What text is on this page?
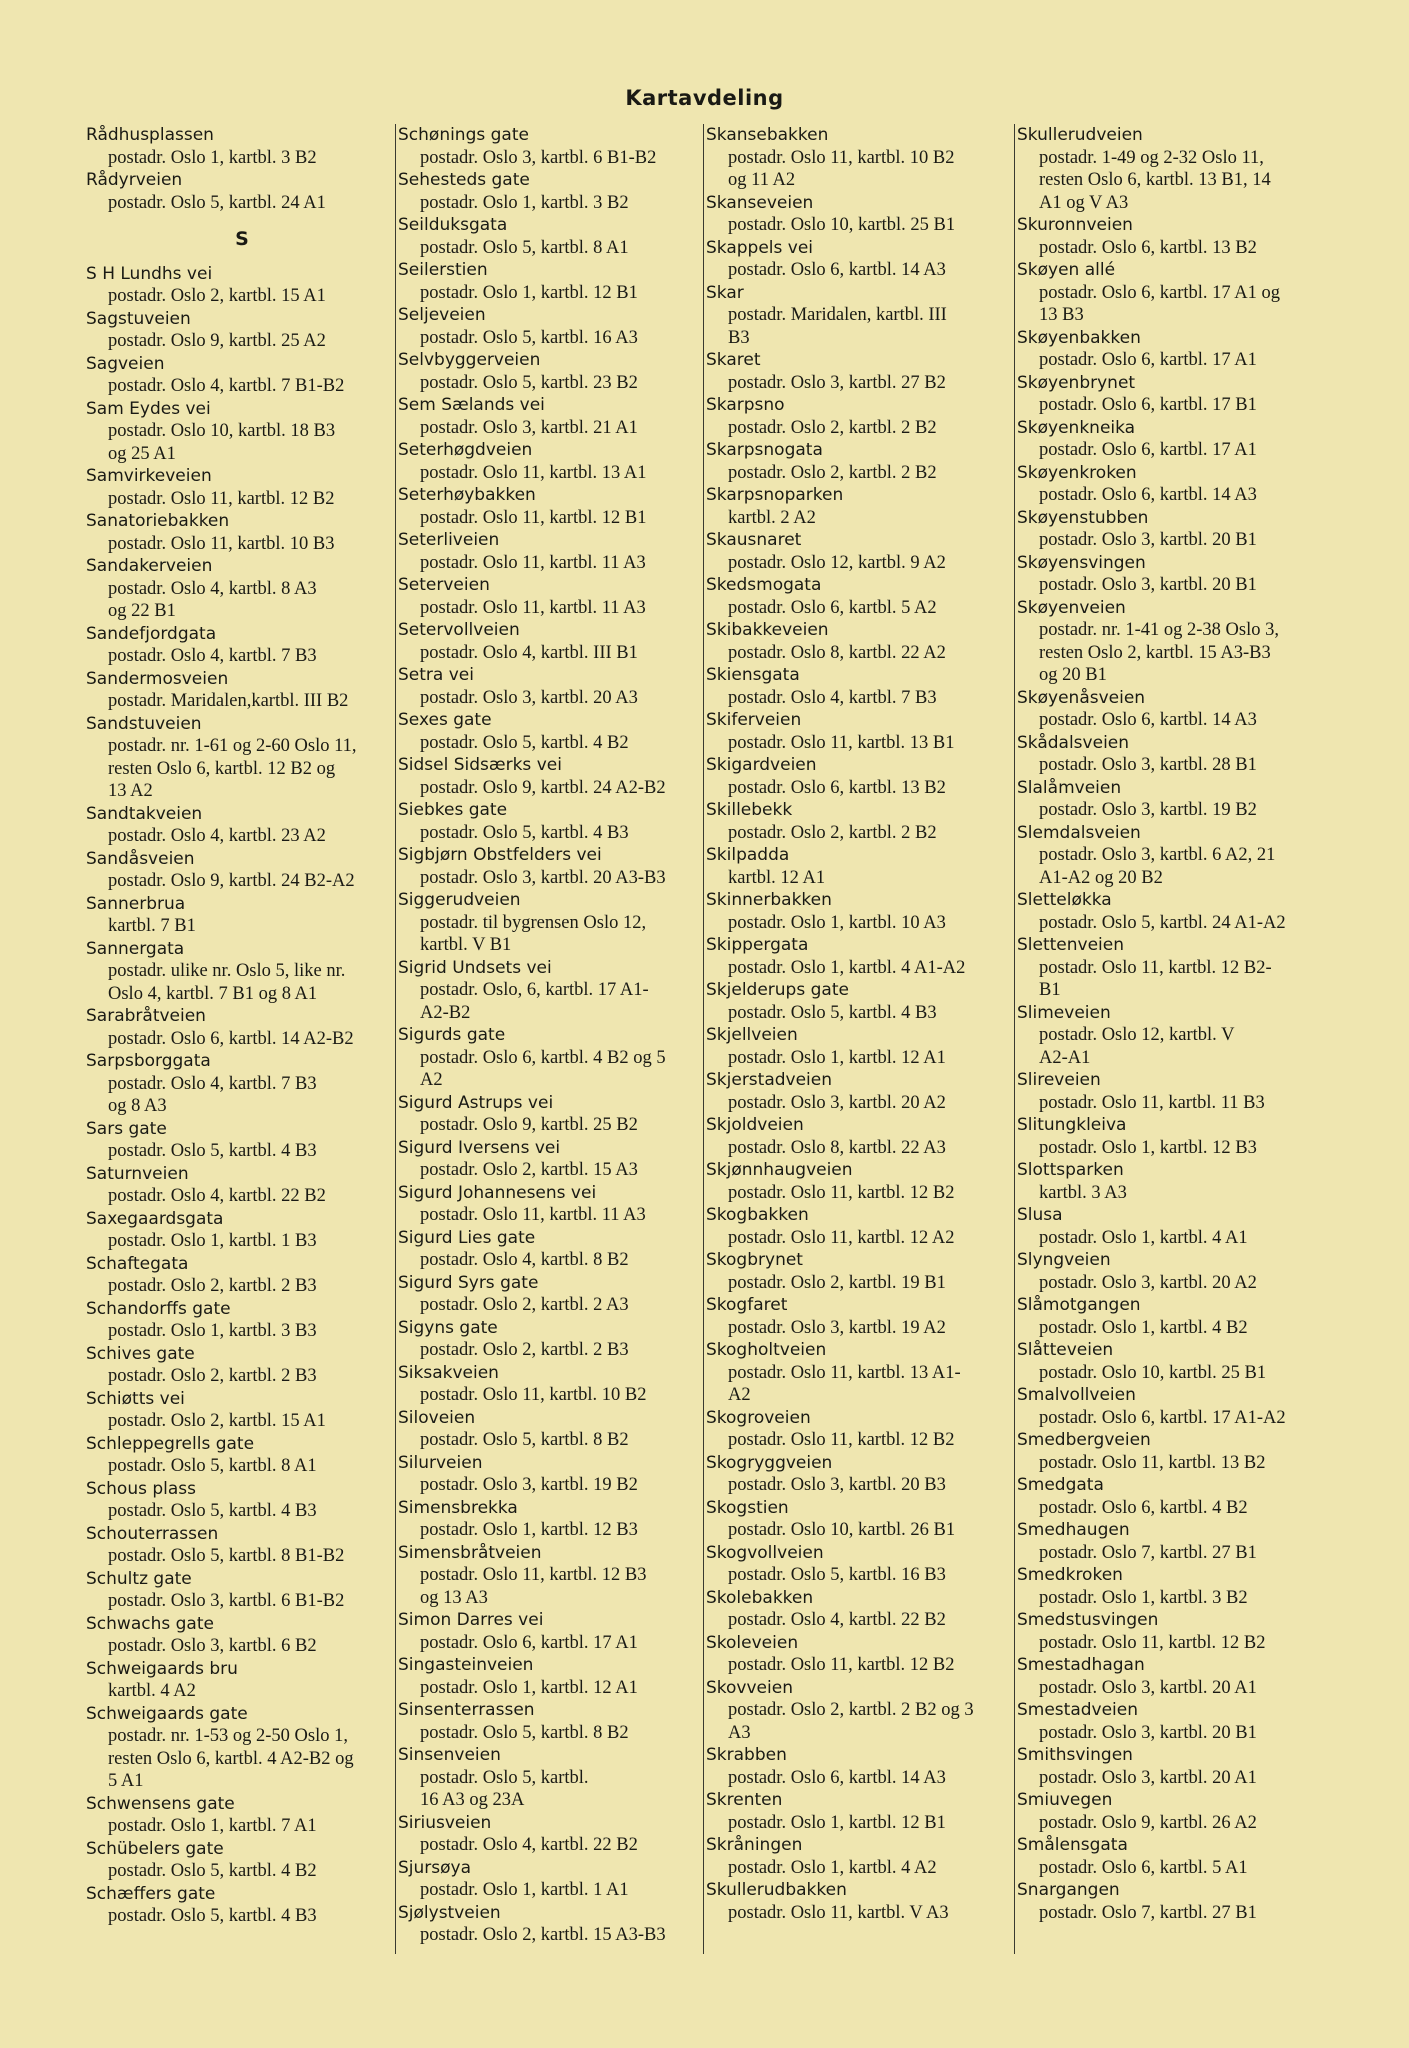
Kartavdeling
Rådhusplassen
postadr. Oslo 1, kartbl. 3 B2
Rådyrveien
postadr. Oslo 5, kartbl. 24 A1
S
S H Lundhs vei
postadr. Oslo 2, kartbl. 15 A1
Sagstuveien
postadr. Oslo 9, kartbl. 25 A2
Sagveien
postadr. Oslo 4, kartbl. 7 B1-B2
Sam Eydes vei
postadr. Oslo 10, kartbl. 18 B3
og 25 A1
Samvirkeveien
postadr. Oslo 11, kartbl. 12 B2
Sanatoriebakken
postadr. Oslo 11, kartbl. 10 B3
Sandakerveien
postadr. Oslo 4, kartbl. 8 A3
og 22 B1
Sandefjordgata
postadr. Oslo 4, kartbl. 7 B3
Sandermosveien
postadr. Maridalen,kartbl. III B2
Sandstuveien
postadr. nr. 1-61 og 2-60 Oslo 11,
resten Oslo 6, kartbl. 12 B2 og
13 A2
Sandtakveien
postadr. Oslo 4, kartbl. 23 A2
Sandåsveien
postadr. Oslo 9, kartbl. 24 B2-A2
Sannerbrua
kartbl. 7 B1
Sannergata
postadr. ulike nr. Oslo 5, like nr.
Oslo 4, kartbl. 7 B1 og 8 A1
Sarabråtveien
postadr. Oslo 6, kartbl. 14 A2-B2
Sarpsborggata
postadr. Oslo 4, kartbl. 7 B3
og 8 A3
Sars gate
postadr. Oslo 5, kartbl. 4 B3
Saturnveien
postadr. Oslo 4, kartbl. 22 B2
Saxegaardsgata
postadr. Oslo 1, kartbl. 1 B3
Schaftegata
postadr. Oslo 2, kartbl. 2 B3
Schandorffs gate
postadr. Oslo 1, kartbl. 3 B3
Schives gate
postadr. Oslo 2, kartbl. 2 B3
Schiøtts vei
postadr. Oslo 2, kartbl. 15 A1
Schleppegrells gate
postadr. Oslo 5, kartbl. 8 A1
Schous plass
postadr. Oslo 5, kartbl. 4 B3
Schouterrassen
postadr. Oslo 5, kartbl. 8 B1-B2
Schultz gate
postadr. Oslo 3, kartbl. 6 B1-B2
Schwachs gate
postadr. Oslo 3, kartbl. 6 B2
Schweigaards bru
kartbl. 4 A2
Schweigaards gate
postadr. nr. 1-53 og 2-50 Oslo 1,
resten Oslo 6, kartbl. 4 A2-B2 og
5 A1
Schwensens gate
postadr. Oslo 1, kartbl. 7 A1
Schübelers gate
postadr. Oslo 5, kartbl. 4 B2
Schæffers gate
postadr. Oslo 5, kartbl. 4 B3
Schønings gate
postadr. Oslo 3, kartbl. 6 B1-B2
Sehesteds gate
postadr. Oslo 1, kartbl. 3 B2
Seilduksgata
postadr. Oslo 5, kartbl. 8 A1
Seilerstien
postadr. Oslo 1, kartbl. 12 B1
Seljeveien
postadr. Oslo 5, kartbl. 16 A3
Selvbyggerveien
postadr. Oslo 5, kartbl. 23 B2
Sem Sælands vei
postadr. Oslo 3, kartbl. 21 A1
Seterhøgdveien
postadr. Oslo 11, kartbl. 13 A1
Seterhøybakken
postadr. Oslo 11, kartbl. 12 B1
Seterliveien
postadr. Oslo 11, kartbl. 11 A3
Seterveien
postadr. Oslo 11, kartbl. 11 A3
Setervollveien
postadr. Oslo 4, kartbl. III B1
Setra vei
postadr. Oslo 3, kartbl. 20 A3
Sexes gate
postadr. Oslo 5, kartbl. 4 B2
Sidsel Sidsærks vei
postadr. Oslo 9, kartbl. 24 A2-B2
Siebkes gate
postadr. Oslo 5, kartbl. 4 B3
Sigbjørn Obstfelders vei
postadr. Oslo 3, kartbl. 20 A3-B3
Siggerudveien
postadr. til bygrensen Oslo 12,
kartbl. V B1
Sigrid Undsets vei
postadr. Oslo, 6, kartbl. 17 A1-
A2-B2
Sigurds gate
postadr. Oslo 6, kartbl. 4 B2 og 5
A2
Sigurd Astrups vei
postadr. Oslo 9, kartbl. 25 B2
Sigurd Iversens vei
postadr. Oslo 2, kartbl. 15 A3
Sigurd Johannesens vei
postadr. Oslo 11, kartbl. 11 A3
Sigurd Lies gate
postadr. Oslo 4, kartbl. 8 B2
Sigurd Syrs gate
postadr. Oslo 2, kartbl. 2 A3
Sigyns gate
postadr. Oslo 2, kartbl. 2 B3
Siksakveien
postadr. Oslo 11, kartbl. 10 B2
Siloveien
postadr. Oslo 5, kartbl. 8 B2
Silurveien
postadr. Oslo 3, kartbl. 19 B2
Simensbrekka
postadr. Oslo 1, kartbl. 12 B3
Simensbråtveien
postadr. Oslo 11, kartbl. 12 B3
og 13 A3
Simon Darres vei
postadr. Oslo 6, kartbl. 17 A1
Singasteinveien
postadr. Oslo 1, kartbl. 12 A1
Sinsenterrassen
postadr. Oslo 5, kartbl. 8 B2
Sinsenveien
postadr. Oslo 5, kartbl.
16 A3 og 23A
Siriusveien
postadr. Oslo 4, kartbl. 22 B2
Sjursøya
postadr. Oslo 1, kartbl. 1 A1
Sjølystveien
postadr. Oslo 2, kartbl. 15 A3-B3
Skansebakken
postadr. Oslo 11, kartbl. 10 B2
og 11 A2
Skanseveien
postadr. Oslo 10, kartbl. 25 B1
Skappels vei
postadr. Oslo 6, kartbl. 14 A3
Skar
postadr. Maridalen, kartbl. III
B3
Skaret
postadr. Oslo 3, kartbl. 27 B2
Skarpsno
postadr. Oslo 2, kartbl. 2 B2
Skarpsnogata
postadr. Oslo 2, kartbl. 2 B2
Skarpsnoparken
kartbl. 2 A2
Skausnaret
postadr. Oslo 12, kartbl. 9 A2
Skedsmogata
postadr. Oslo 6, kartbl. 5 A2
Skibakkeveien
postadr. Oslo 8, kartbl. 22 A2
Skiensgata
postadr. Oslo 4, kartbl. 7 B3
Skiferveien
postadr. Oslo 11, kartbl. 13 B1
Skigardveien
postadr. Oslo 6, kartbl. 13 B2
Skillebekk
postadr. Oslo 2, kartbl. 2 B2
Skilpadda
kartbl. 12 A1
Skinnerbakken
postadr. Oslo 1, kartbl. 10 A3
Skippergata
postadr. Oslo 1, kartbl. 4 A1-A2
Skjelderups gate
postadr. Oslo 5, kartbl. 4 B3
Skjellveien
postadr. Oslo 1, kartbl. 12 A1
Skjerstadveien
postadr. Oslo 3, kartbl. 20 A2
Skjoldveien
postadr. Oslo 8, kartbl. 22 A3
Skjønnhaugveien
postadr. Oslo 11, kartbl. 12 B2
Skogbakken
postadr. Oslo 11, kartbl. 12 A2
Skogbrynet
postadr. Oslo 2, kartbl. 19 B1
Skogfaret
postadr. Oslo 3, kartbl. 19 A2
Skogholtveien
postadr. Oslo 11, kartbl. 13 A1-
A2
Skogroveien
postadr. Oslo 11, kartbl. 12 B2
Skogryggveien
postadr. Oslo 3, kartbl. 20 B3
Skogstien
postadr. Oslo 10, kartbl. 26 B1
Skogvollveien
postadr. Oslo 5, kartbl. 16 B3
Skolebakken
postadr. Oslo 4, kartbl. 22 B2
Skoleveien
postadr. Oslo 11, kartbl. 12 B2
Skovveien
postadr. Oslo 2, kartbl. 2 B2 og 3
A3
Skrabben
postadr. Oslo 6, kartbl. 14 A3
Skrenten
postadr. Oslo 1, kartbl. 12 B1
Skråningen
postadr. Oslo 1, kartbl. 4 A2
Skullerudbakken
postadr. Oslo 11, kartbl. V A3
Skullerudveien
postadr. 1-49 og 2-32 Oslo 11,
resten Oslo 6, kartbl. 13 B1, 14
A1 og V A3
Skuronnveien
postadr. Oslo 6, kartbl. 13 B2
Skøyen allé
postadr. Oslo 6, kartbl. 17 A1 og
13 B3
Skøyenbakken
postadr. Oslo 6, kartbl. 17 A1
Skøyenbrynet
postadr. Oslo 6, kartbl. 17 B1
Skøyenkneika
postadr. Oslo 6, kartbl. 17 A1
Skøyenkroken
postadr. Oslo 6, kartbl. 14 A3
Skøyenstubben
postadr. Oslo 3, kartbl. 20 B1
Skøyensvingen
postadr. Oslo 3, kartbl. 20 B1
Skøyenveien
postadr. nr. 1-41 og 2-38 Oslo 3,
resten Oslo 2, kartbl. 15 A3-B3
og 20 B1
Skøyenåsveien
postadr. Oslo 6, kartbl. 14 A3
Skådalsveien
postadr. Oslo 3, kartbl. 28 B1
Slalåmveien
postadr. Oslo 3, kartbl. 19 B2
Slemdalsveien
postadr. Oslo 3, kartbl. 6 A2, 21
A1-A2 og 20 B2
Sletteløkka
postadr. Oslo 5, kartbl. 24 A1-A2
Slettenveien
postadr. Oslo 11, kartbl. 12 B2-
B1
Slimeveien
postadr. Oslo 12, kartbl. V
A2-A1
Slireveien
postadr. Oslo 11, kartbl. 11 B3
Slitungkleiva
postadr. Oslo 1, kartbl. 12 B3
Slottsparken
kartbl. 3 A3
Slusa
postadr. Oslo 1, kartbl. 4 A1
Slyngveien
postadr. Oslo 3, kartbl. 20 A2
Slåmotgangen
postadr. Oslo 1, kartbl. 4 B2
Slåtteveien
postadr. Oslo 10, kartbl. 25 B1
Smalvollveien
postadr. Oslo 6, kartbl. 17 A1-A2
Smedbergveien
postadr. Oslo 11, kartbl. 13 B2
Smedgata
postadr. Oslo 6, kartbl. 4 B2
Smedhaugen
postadr. Oslo 7, kartbl. 27 B1
Smedkroken
postadr. Oslo 1, kartbl. 3 B2
Smedstusvingen
postadr. Oslo 11, kartbl. 12 B2
Smestadhagan
postadr. Oslo 3, kartbl. 20 A1
Smestadveien
postadr. Oslo 3, kartbl. 20 B1
Smithsvingen
postadr. Oslo 3, kartbl. 20 A1
Smiuvegen
postadr. Oslo 9, kartbl. 26 A2
Smålensgata
postadr. Oslo 6, kartbl. 5 A1
Snargangen
postadr. Oslo 7, kartbl. 27 B1
